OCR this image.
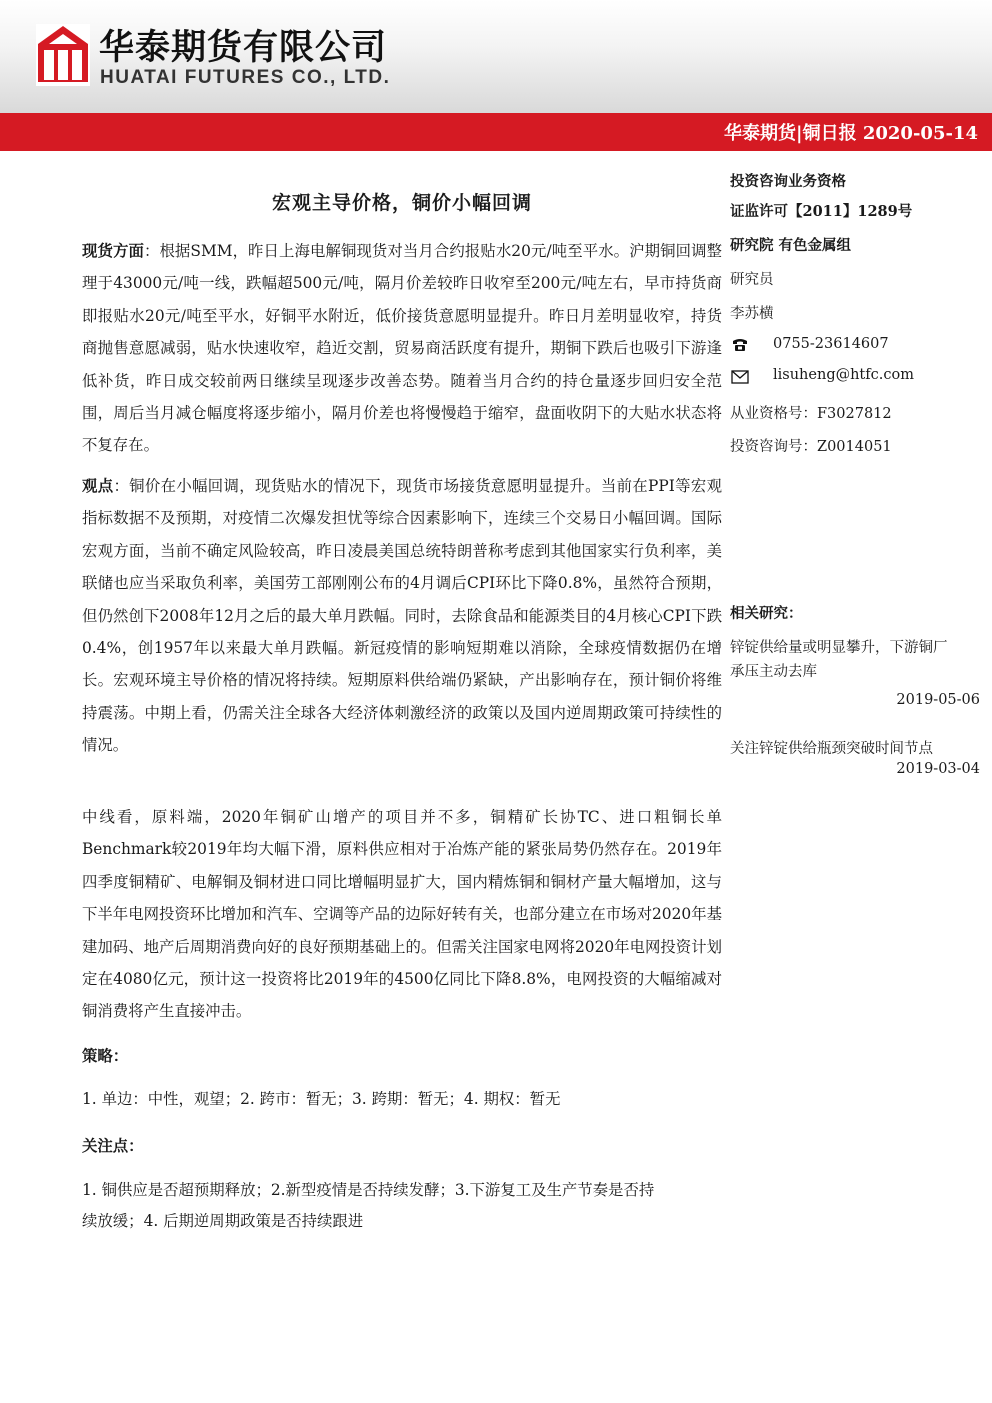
华泰期货有限公司
HUATAI FUTURES CO., LTD.
华泰期货|铜日报 2020-05-14
宏观主导价格，铜价小幅回调

现货方面：根据SMM，昨日上海电解铜现货对当月合约报贴水20元/吨至平水。沪期铜回调整理于43000元/吨一线，跌幅超500元/吨，隔月价差较昨日收窄至200元/吨左右，早市持货商即报贴水20元/吨至平水，好铜平水附近，低价接货意愿明显提升。昨日月差明显收窄，持货商抛售意愿减弱，贴水快速收窄，趋近交割，贸易商活跃度有提升，期铜下跌后也吸引下游逢低补货，昨日成交较前两日继续呈现逐步改善态势。随着当月合约的持仓量逐步回归安全范围，周后当月减仓幅度将逐步缩小，隔月价差也将慢慢趋于缩窄，盘面收阴下的大贴水状态将不复存在。

观点：铜价在小幅回调，现货贴水的情况下，现货市场接货意愿明显提升。当前在PPI等宏观指标数据不及预期，对疫情二次爆发担忧等综合因素影响下，连续三个交易日小幅回调。国际宏观方面，当前不确定风险较高，昨日凌晨美国总统特朗普称考虑到其他国家实行负利率，美联储也应当采取负利率，美国劳工部刚刚公布的4月调后CPI环比下降0.8%，虽然符合预期，但仍然创下2008年12月之后的最大单月跌幅。同时，去除食品和能源类目的4月核心CPI下跌0.4%，创1957年以来最大单月跌幅。新冠疫情的影响短期难以消除，全球疫情数据仍在增长。宏观环境主导价格的情况将持续。短期原料供给端仍紧缺，产出影响存在，预计铜价将维持震荡。中期上看，仍需关注全球各大经济体刺激经济的政策以及国内逆周期政策可持续性的情况。

中线看，原料端，2020年铜矿山增产的项目并不多，铜精矿长协TC、进口粗铜长单Benchmark较2019年均大幅下滑，原料供应相对于冶炼产能的紧张局势仍然存在。2019年四季度铜精矿、电解铜及铜材进口同比增幅明显扩大，国内精炼铜和铜材产量大幅增加，这与下半年电网投资环比增加和汽车、空调等产品的边际好转有关，也部分建立在市场对2020年基建加码、地产后周期消费向好的良好预期基础上的。但需关注国家电网将2020年电网投资计划定在4080亿元，预计这一投资将比2019年的4500亿同比下降8.8%，电网投资的大幅缩减对铜消费将产生直接冲击。

策略：
1. 单边：中性，观望；2. 跨市：暂无；3. 跨期：暂无；4. 期权：暂无
关注点：
1. 铜供应是否超预期释放；2.新型疫情是否持续发酵；3.下游复工及生产节奏是否持
续放缓；4. 后期逆周期政策是否持续跟进
投资咨询业务资格
证监许可【2011】1289号
研究院 有色金属组
研究员
李苏横
0755-23614607
lisuheng@htfc.com
从业资格号：F3027812
投资咨询号：Z0014051
相关研究：
锌锭供给量或明显攀升，下游铜厂
承压主动去库
2019-05-06
关注锌锭供给瓶颈突破时间节点
2019-03-04
